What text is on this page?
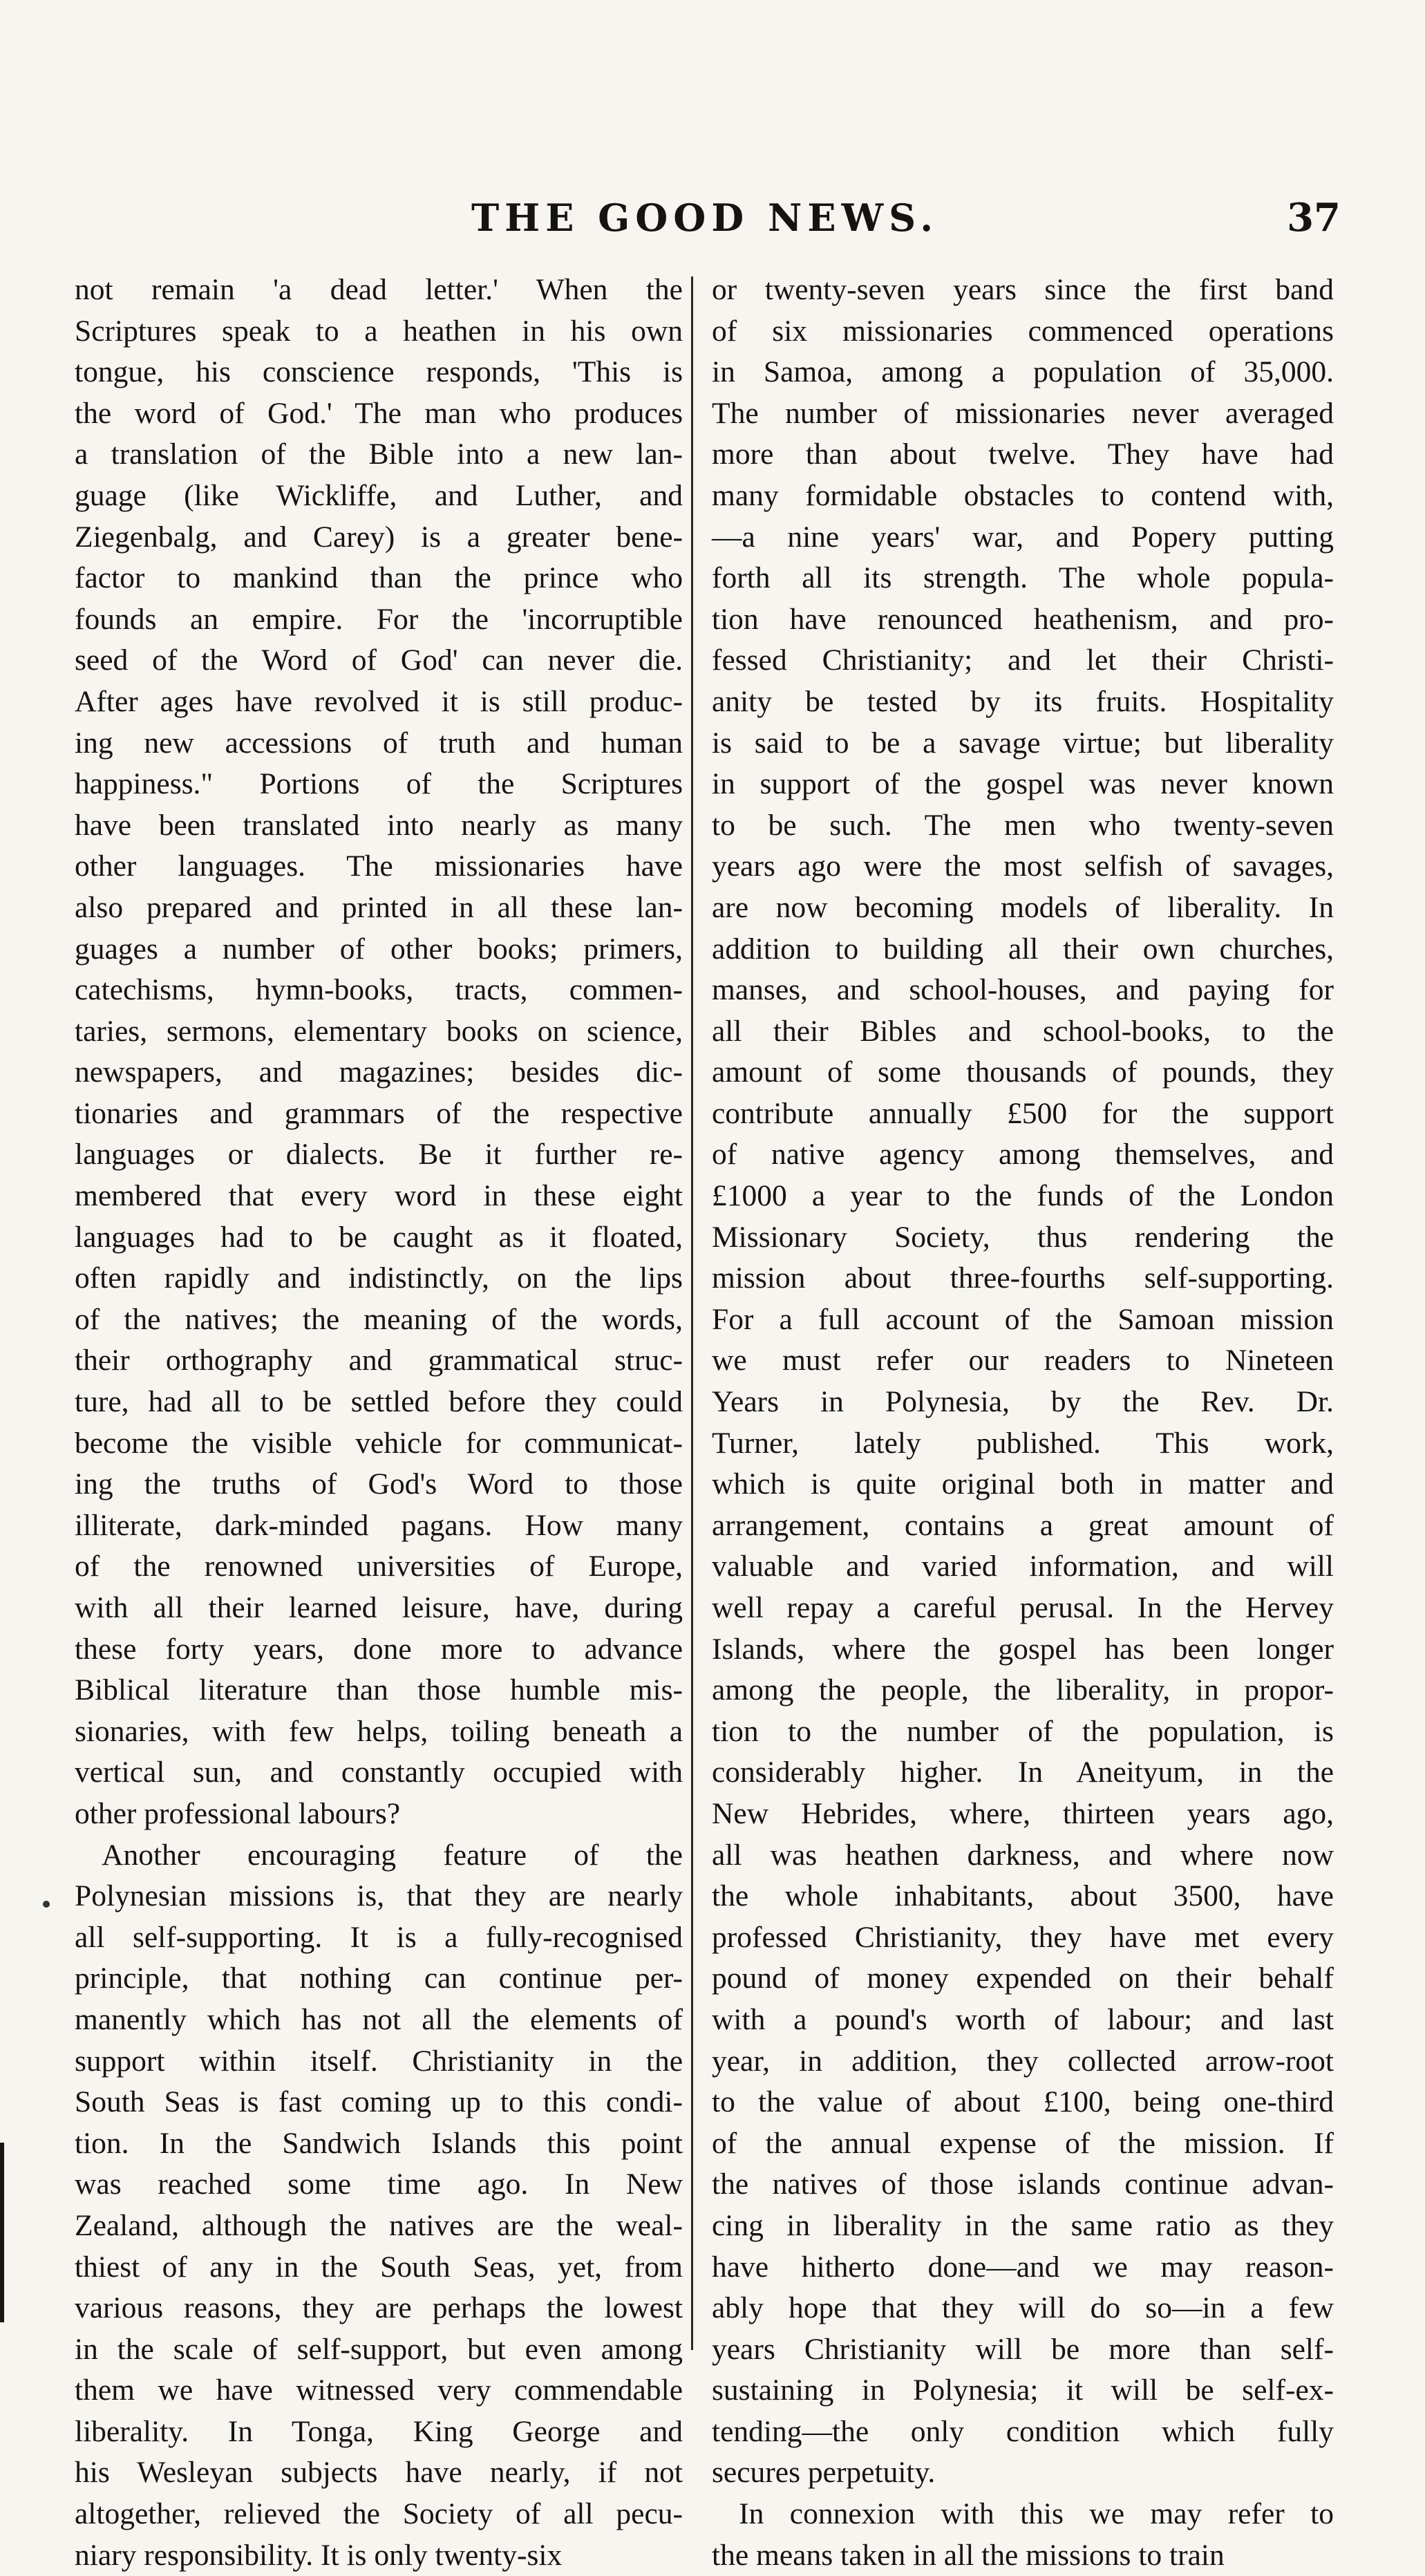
THE GOOD NEWS.	37
not remain 'a dead letter.' When the
Scriptures speak to a heathen in his own
tongue, his conscience responds, 'This is
the word of God.' The man who produces
a translation of the Bible into a new lan-
guage (like Wickliffe, and Luther, and
Ziegenbalg, and Carey) is a greater bene-
factor to mankind than the prince who
founds an empire. For the 'incorruptible
seed of the Word of God' can never die.
After ages have revolved it is still produc-
ing new accessions of truth and human
happiness." Portions of the Scriptures
have been translated into nearly as many
other languages. The missionaries have
also prepared and printed in all these lan-
guages a number of other books; primers,
catechisms, hymn-books, tracts, commen-
taries, sermons, elementary books on science,
newspapers, and magazines; besides dic-
tionaries and grammars of the respective
languages or dialects. Be it further re-
membered that every word in these eight
languages had to be caught as it floated,
often rapidly and indistinctly, on the lips
of the natives; the meaning of the words,
their orthography and grammatical struc-
ture, had all to be settled before they could
become the visible vehicle for communicat-
ing the truths of God's Word to those
illiterate, dark-minded pagans. How many
of the renowned universities of Europe,
with all their learned leisure, have, during
these forty years, done more to advance
Biblical literature than those humble mis-
sionaries, with few helps, toiling beneath a
vertical sun, and constantly occupied with
other professional labours?
Another encouraging feature of the
Polynesian missions is, that they are nearly
all self-supporting. It is a fully-recognised
principle, that nothing can continue per-
manently which has not all the elements of
support within itself. Christianity in the
South Seas is fast coming up to this condi-
tion. In the Sandwich Islands this point
was reached some time ago. In New
Zealand, although the natives are the weal-
thiest of any in the South Seas, yet, from
various reasons, they are perhaps the lowest
in the scale of self-support, but even among
them we have witnessed very commendable
liberality. In Tonga, King George and
his Wesleyan subjects have nearly, if not
altogether, relieved the Society of all pecu-
niary responsibility. It is only twenty-six
or twenty-seven years since the first band
of six missionaries commenced operations
in Samoa, among a population of 35,000.
The number of missionaries never averaged
more than about twelve. They have had
many formidable obstacles to contend with,
—a nine years' war, and Popery putting
forth all its strength. The whole popula-
tion have renounced heathenism, and pro-
fessed Christianity; and let their Christi-
anity be tested by its fruits. Hospitality
is said to be a savage virtue; but liberality
in support of the gospel was never known
to be such. The men who twenty-seven
years ago were the most selfish of savages,
are now becoming models of liberality. In
addition to building all their own churches,
manses, and school-houses, and paying for
all their Bibles and school-books, to the
amount of some thousands of pounds, they
contribute annually £500 for the support
of native agency among themselves, and
£1000 a year to the funds of the London
Missionary Society, thus rendering the
mission about three-fourths self-supporting.
For a full account of the Samoan mission
we must refer our readers to Nineteen
Years in Polynesia, by the Rev. Dr.
Turner, lately published. This work,
which is quite original both in matter and
arrangement, contains a great amount of
valuable and varied information, and will
well repay a careful perusal. In the Hervey
Islands, where the gospel has been longer
among the people, the liberality, in propor-
tion to the number of the population, is
considerably higher. In Aneityum, in the
New Hebrides, where, thirteen years ago,
all was heathen darkness, and where now
the whole inhabitants, about 3500, have
professed Christianity, they have met every
pound of money expended on their behalf
with a pound's worth of labour; and last
year, in addition, they collected arrow-root
to the value of about £100, being one-third
of the annual expense of the mission. If
the natives of those islands continue advan-
cing in liberality in the same ratio as they
have hitherto done—and we may reason-
ably hope that they will do so—in a few
years Christianity will be more than self-
sustaining in Polynesia; it will be self-ex-
tending—the only condition which fully
secures perpetuity.
In connexion with this we may refer to
the means taken in all the missions to train
